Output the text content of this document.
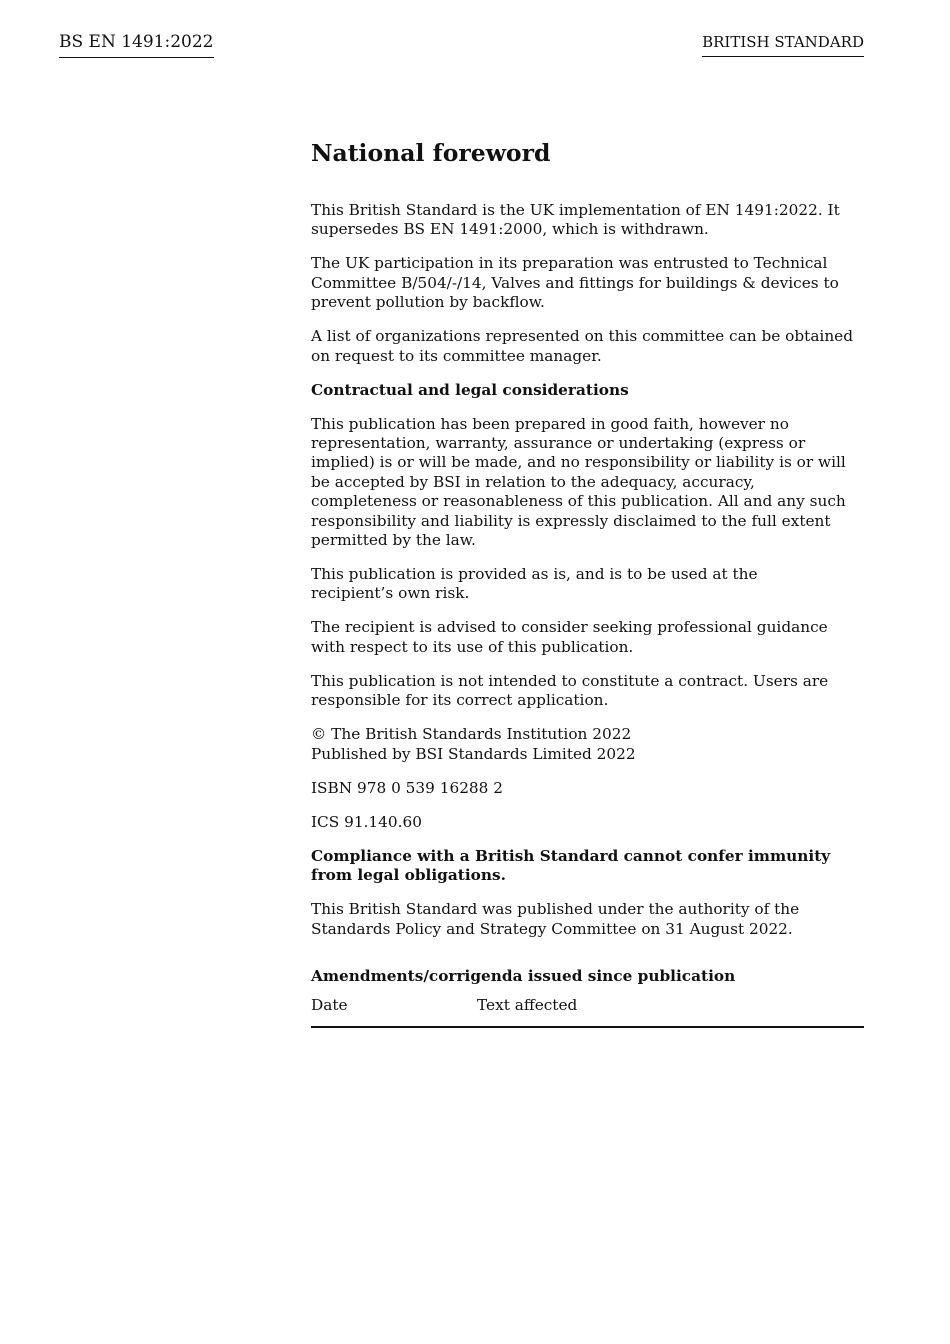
BS EN 1491:2022	BRITISH STANDARD
National foreword

This British Standard is the UK implementation of EN 1491:2022. It supersedes BS EN 1491:2000, which is withdrawn.

The UK participation in its preparation was entrusted to Technical Committee B/504/-/14, Valves and fittings for buildings & devices to prevent pollution by backflow.

A list of organizations represented on this committee can be obtained on request to its committee manager.

Contractual and legal considerations

This publication has been prepared in good faith, however no representation, warranty, assurance or undertaking (express or implied) is or will be made, and no responsibility or liability is or will be accepted by BSI in relation to the adequacy, accuracy, completeness or reasonableness of this publication. All and any such responsibility and liability is expressly disclaimed to the full extent permitted by the law.

This publication is provided as is, and is to be used at the
recipient’s own risk.

The recipient is advised to consider seeking professional guidance with respect to its use of this publication.

This publication is not intended to constitute a contract. Users are responsible for its correct application.

© The British Standards Institution 2022
Published by BSI Standards Limited 2022

ISBN 978 0 539 16288 2

ICS 91.140.60

Compliance with a British Standard cannot confer immunity from legal obligations.

This British Standard was published under the authority of the Standards Policy and Strategy Committee on 31 August 2022.

Amendments/corrigenda issued since publication
Date	Text affected
